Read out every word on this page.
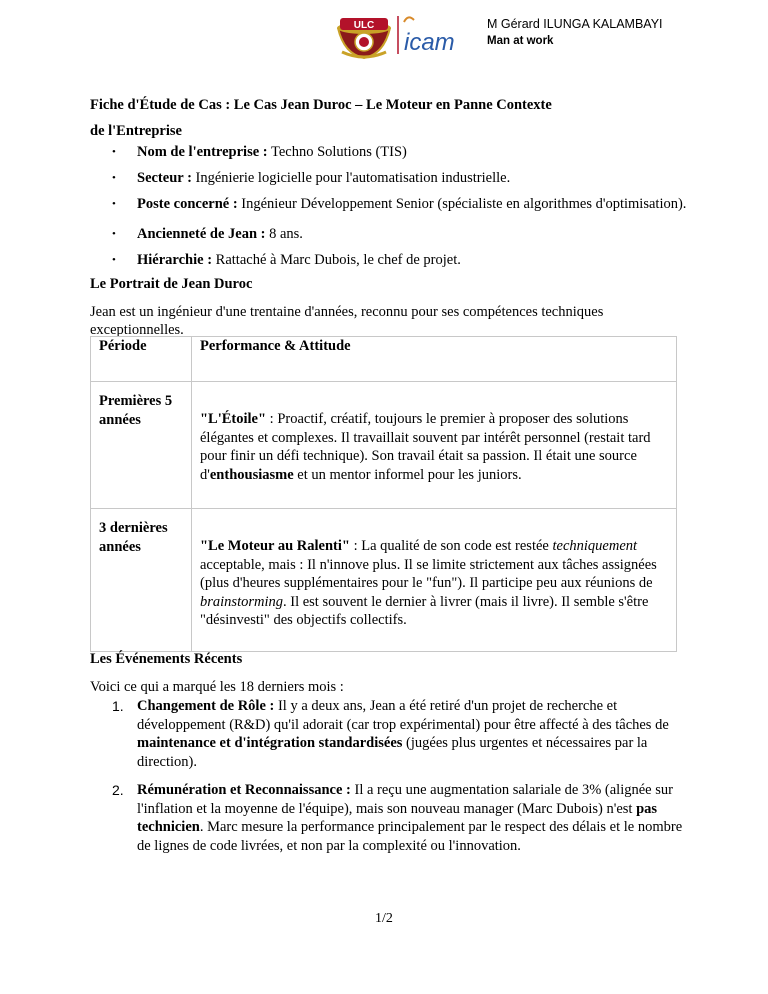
ULC
icam
M Gérard ILUNGA KALAMBAYI
Man at work
Fiche d'Étude de Cas : Le Cas Jean Duroc – Le Moteur en Panne Contexte
de l'Entreprise
• Nom de l'entreprise : Techno Solutions (TIS)
• Secteur : Ingénierie logicielle pour l'automatisation industrielle.
• Poste concerné : Ingénieur Développement Senior (spécialiste en algorithmes d'optimisation).
• Ancienneté de Jean : 8 ans.
• Hiérarchie : Rattaché à Marc Dubois, le chef de projet.
Le Portrait de Jean Duroc
Jean est un ingénieur d'une trentaine d'années, reconnu pour ses compétences techniques exceptionnelles.
Période	Performance & Attitude

Premières 5 années	"L'Étoile" : Proactif, créatif, toujours le premier à proposer des solutions élégantes et complexes. Il travaillait souvent par intérêt personnel (restait tard pour finir un défi technique). Son travail était sa passion. Il était une source d'enthousiasme et un mentor informel pour les juniors.

3 dernières années	"Le Moteur au Ralenti" : La qualité de son code est restée techniquement acceptable, mais : Il n'innove plus. Il se limite strictement aux tâches assignées (plus d'heures supplémentaires pour le "fun"). Il participe peu aux réunions de brainstorming. Il est souvent le dernier à livrer (mais il livre). Il semble s'être "désinvesti" des objectifs collectifs.
Les Événements Récents
Voici ce qui a marqué les 18 derniers mois :
1. Changement de Rôle : Il y a deux ans, Jean a été retiré d'un projet de recherche et développement (R&D) qu'il adorait (car trop expérimental) pour être affecté à des tâches de maintenance et d'intégration standardisées (jugées plus urgentes et nécessaires par la direction).
2. Rémunération et Reconnaissance : Il a reçu une augmentation salariale de 3% (alignée sur l'inflation et la moyenne de l'équipe), mais son nouveau manager (Marc Dubois) n'est pas technicien. Marc mesure la performance principalement par le respect des délais et le nombre de lignes de code livrées, et non par la complexité ou l'innovation.
1/2
